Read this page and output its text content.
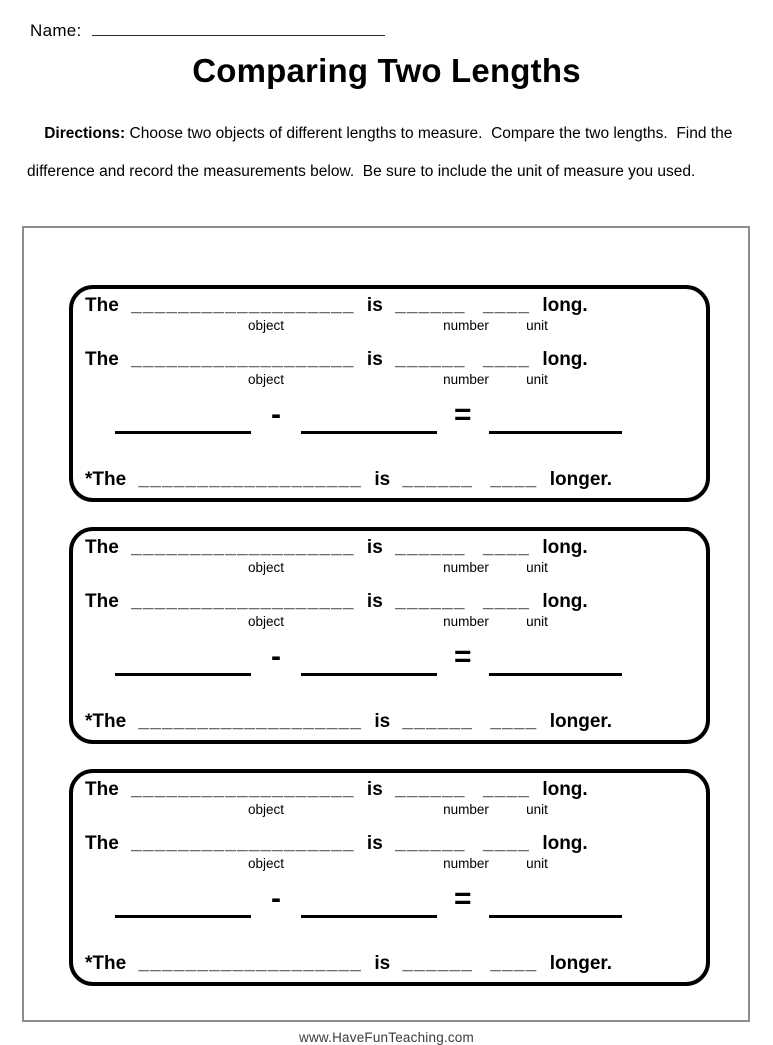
Name:
Comparing Two Lengths

Directions: Choose two objects of different lengths to measure.  Compare the two lengths.  Find the

difference and record the measurements below.  Be sure to include the unit of measure you used.

The ___________________ is ______ ____ long.
object	number	unit
The ___________________ is ______ ____ long.
object	number	unit
-	=
*The ___________________ is ______ ____ longer.
The ___________________ is ______ ____ long.
object	number	unit
The ___________________ is ______ ____ long.
object	number	unit
-	=
*The ___________________ is ______ ____ longer.
The ___________________ is ______ ____ long.
object	number	unit
The ___________________ is ______ ____ long.
object	number	unit
-	=
*The ___________________ is ______ ____ longer.
www.HaveFunTeaching.com
